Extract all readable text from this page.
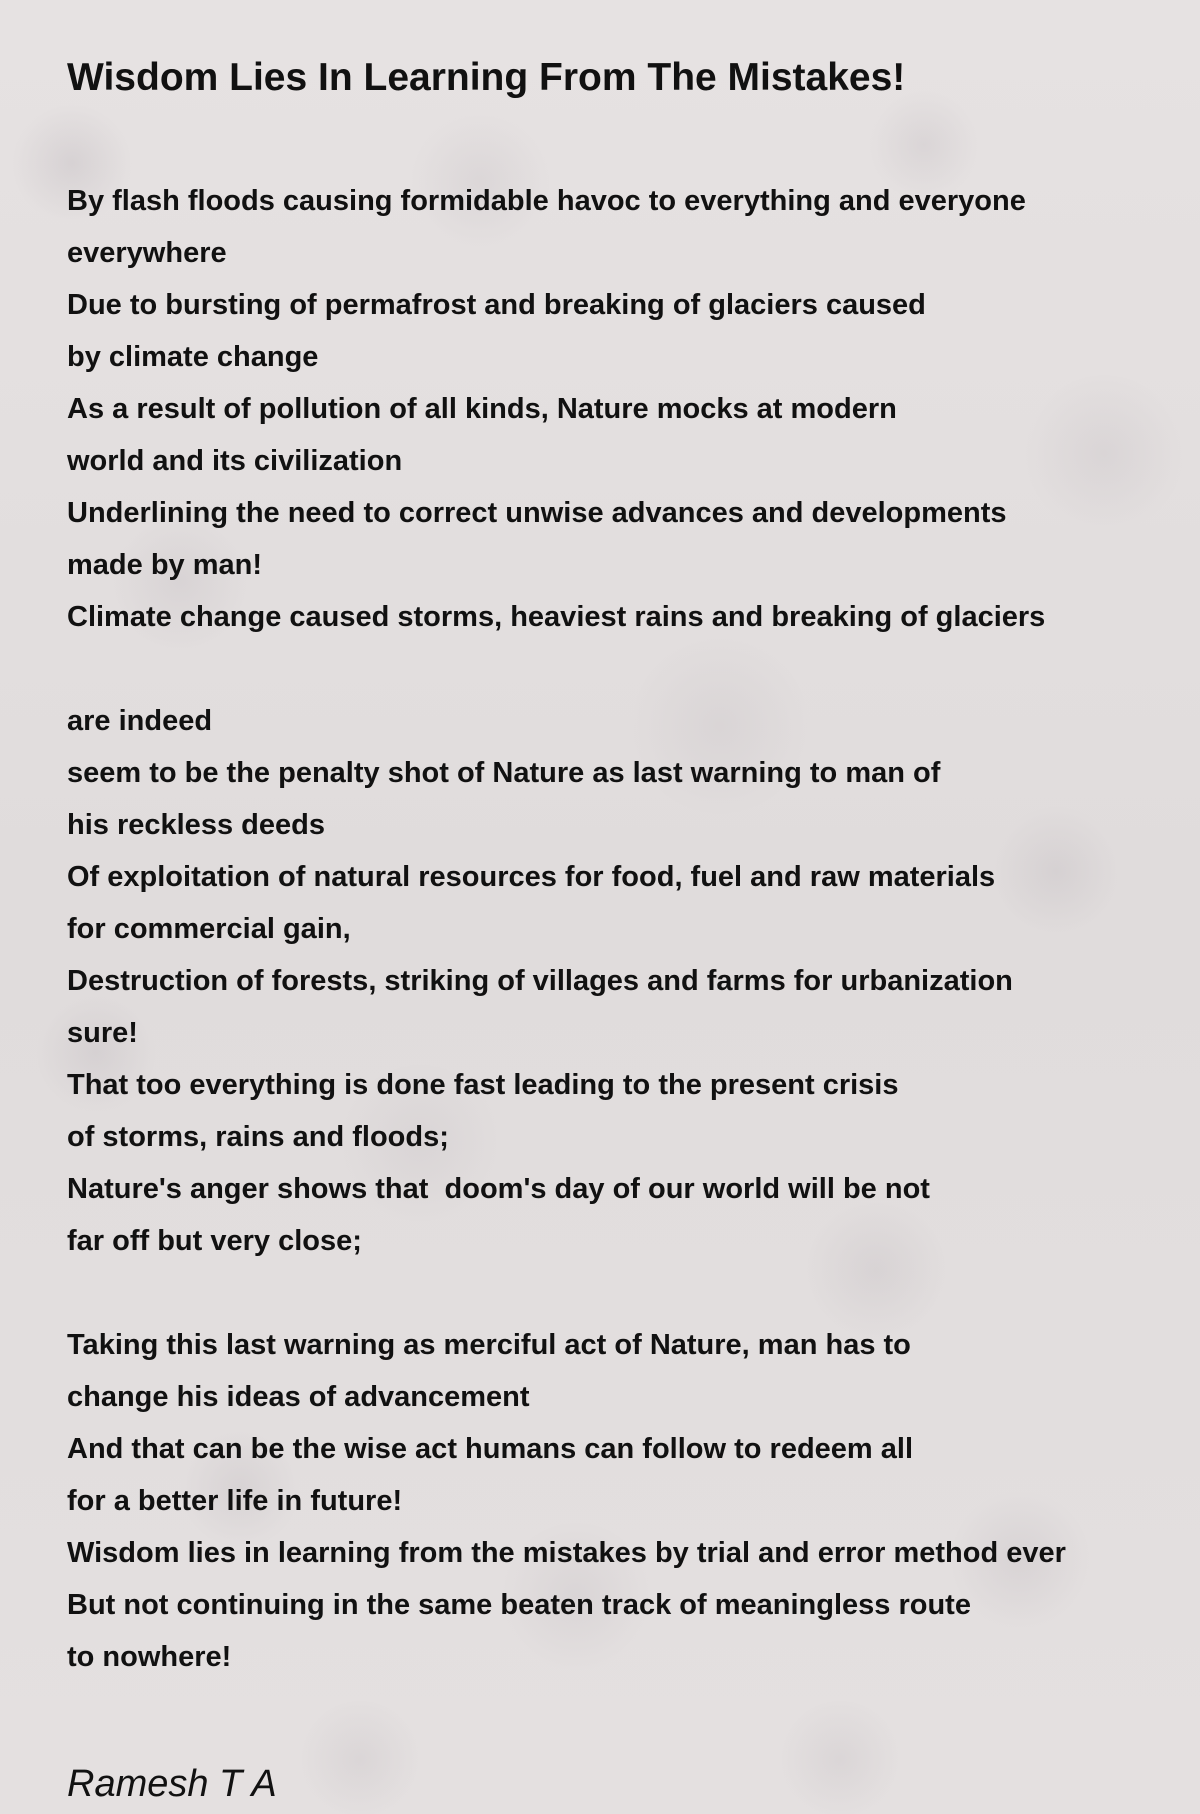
Wisdom Lies In Learning From The Mistakes!
By flash floods causing formidable havoc to everything and everyone
everywhere
Due to bursting of permafrost and breaking of glaciers caused
by climate change
As a result of pollution of all kinds, Nature mocks at modern
world and its civilization
Underlining the need to correct unwise advances and developments
made by man!
Climate change caused storms, heaviest rains and breaking of glaciers
are indeed
seem to be the penalty shot of Nature as last warning to man of
his reckless deeds
Of exploitation of natural resources for food, fuel and raw materials
for commercial gain,
Destruction of forests, striking of villages and farms for urbanization
sure!
That too everything is done fast leading to the present crisis
of storms, rains and floods;
Nature's anger shows that  doom's day of our world will be not
far off but very close;
Taking this last warning as merciful act of Nature, man has to
change his ideas of advancement
And that can be the wise act humans can follow to redeem all
for a better life in future!
Wisdom lies in learning from the mistakes by trial and error method ever
But not continuing in the same beaten track of meaningless route
to nowhere!
Ramesh T A
